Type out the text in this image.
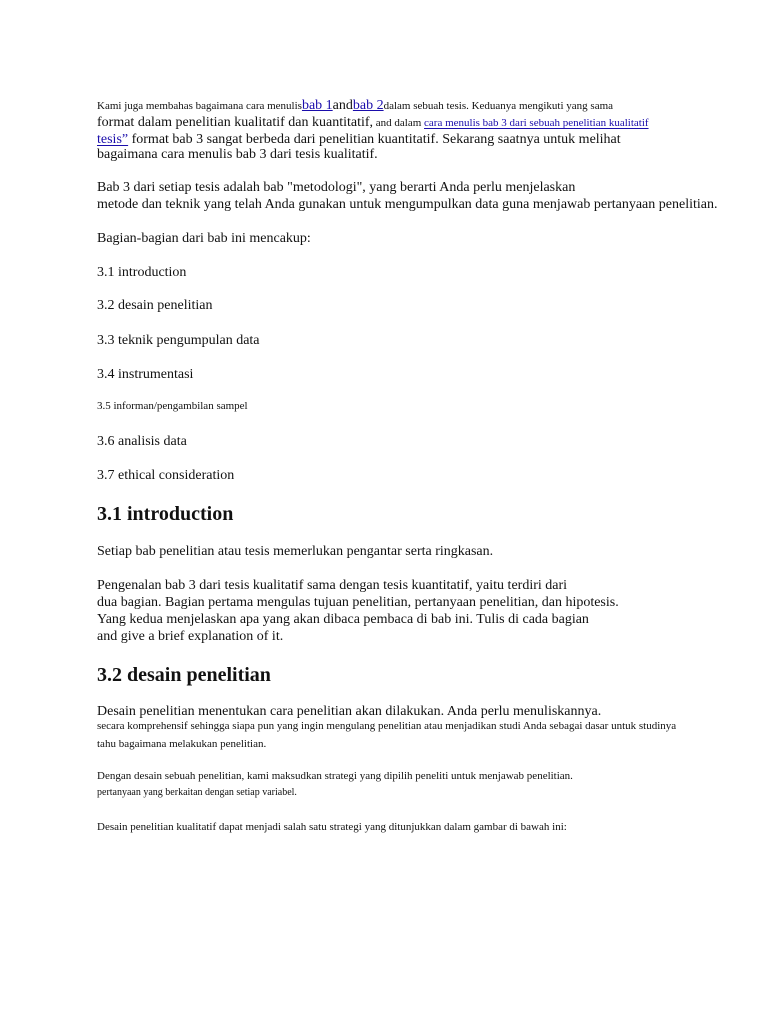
Kami juga membahas bagaimana cara menulisbab 1andbab 2dalam sebuah tesis. Keduanya mengikuti yang sama
format dalam penelitian kualitatif dan kuantitatif, and dalam cara menulis bab 3 dari sebuah penelitian kualitatif
tesis” format bab 3 sangat berbeda dari penelitian kuantitatif. Sekarang saatnya untuk melihat
bagaimana cara menulis bab 3 dari tesis kualitatif.
Bab 3 dari setiap tesis adalah bab "metodologi", yang berarti Anda perlu menjelaskan
metode dan teknik yang telah Anda gunakan untuk mengumpulkan data guna menjawab pertanyaan penelitian.
Bagian-bagian dari bab ini mencakup:
3.1 introduction
3.2 desain penelitian
3.3 teknik pengumpulan data
3.4 instrumentasi
3.5 informan/pengambilan sampel
3.6 analisis data
3.7 ethical consideration
3.1 introduction
Setiap bab penelitian atau tesis memerlukan pengantar serta ringkasan.
Pengenalan bab 3 dari tesis kualitatif sama dengan tesis kuantitatif, yaitu terdiri dari
dua bagian. Bagian pertama mengulas tujuan penelitian, pertanyaan penelitian, dan hipotesis.
Yang kedua menjelaskan apa yang akan dibaca pembaca di bab ini. Tulis di cada bagian
and give a brief explanation of it.
3.2 desain penelitian
Desain penelitian menentukan cara penelitian akan dilakukan. Anda perlu menuliskannya.
secara komprehensif sehingga siapa pun yang ingin mengulang penelitian atau menjadikan studi Anda sebagai dasar untuk studinya
tahu bagaimana melakukan penelitian.
Dengan desain sebuah penelitian, kami maksudkan strategi yang dipilih peneliti untuk menjawab penelitian.
pertanyaan yang berkaitan dengan setiap variabel.
Desain penelitian kualitatif dapat menjadi salah satu strategi yang ditunjukkan dalam gambar di bawah ini:
